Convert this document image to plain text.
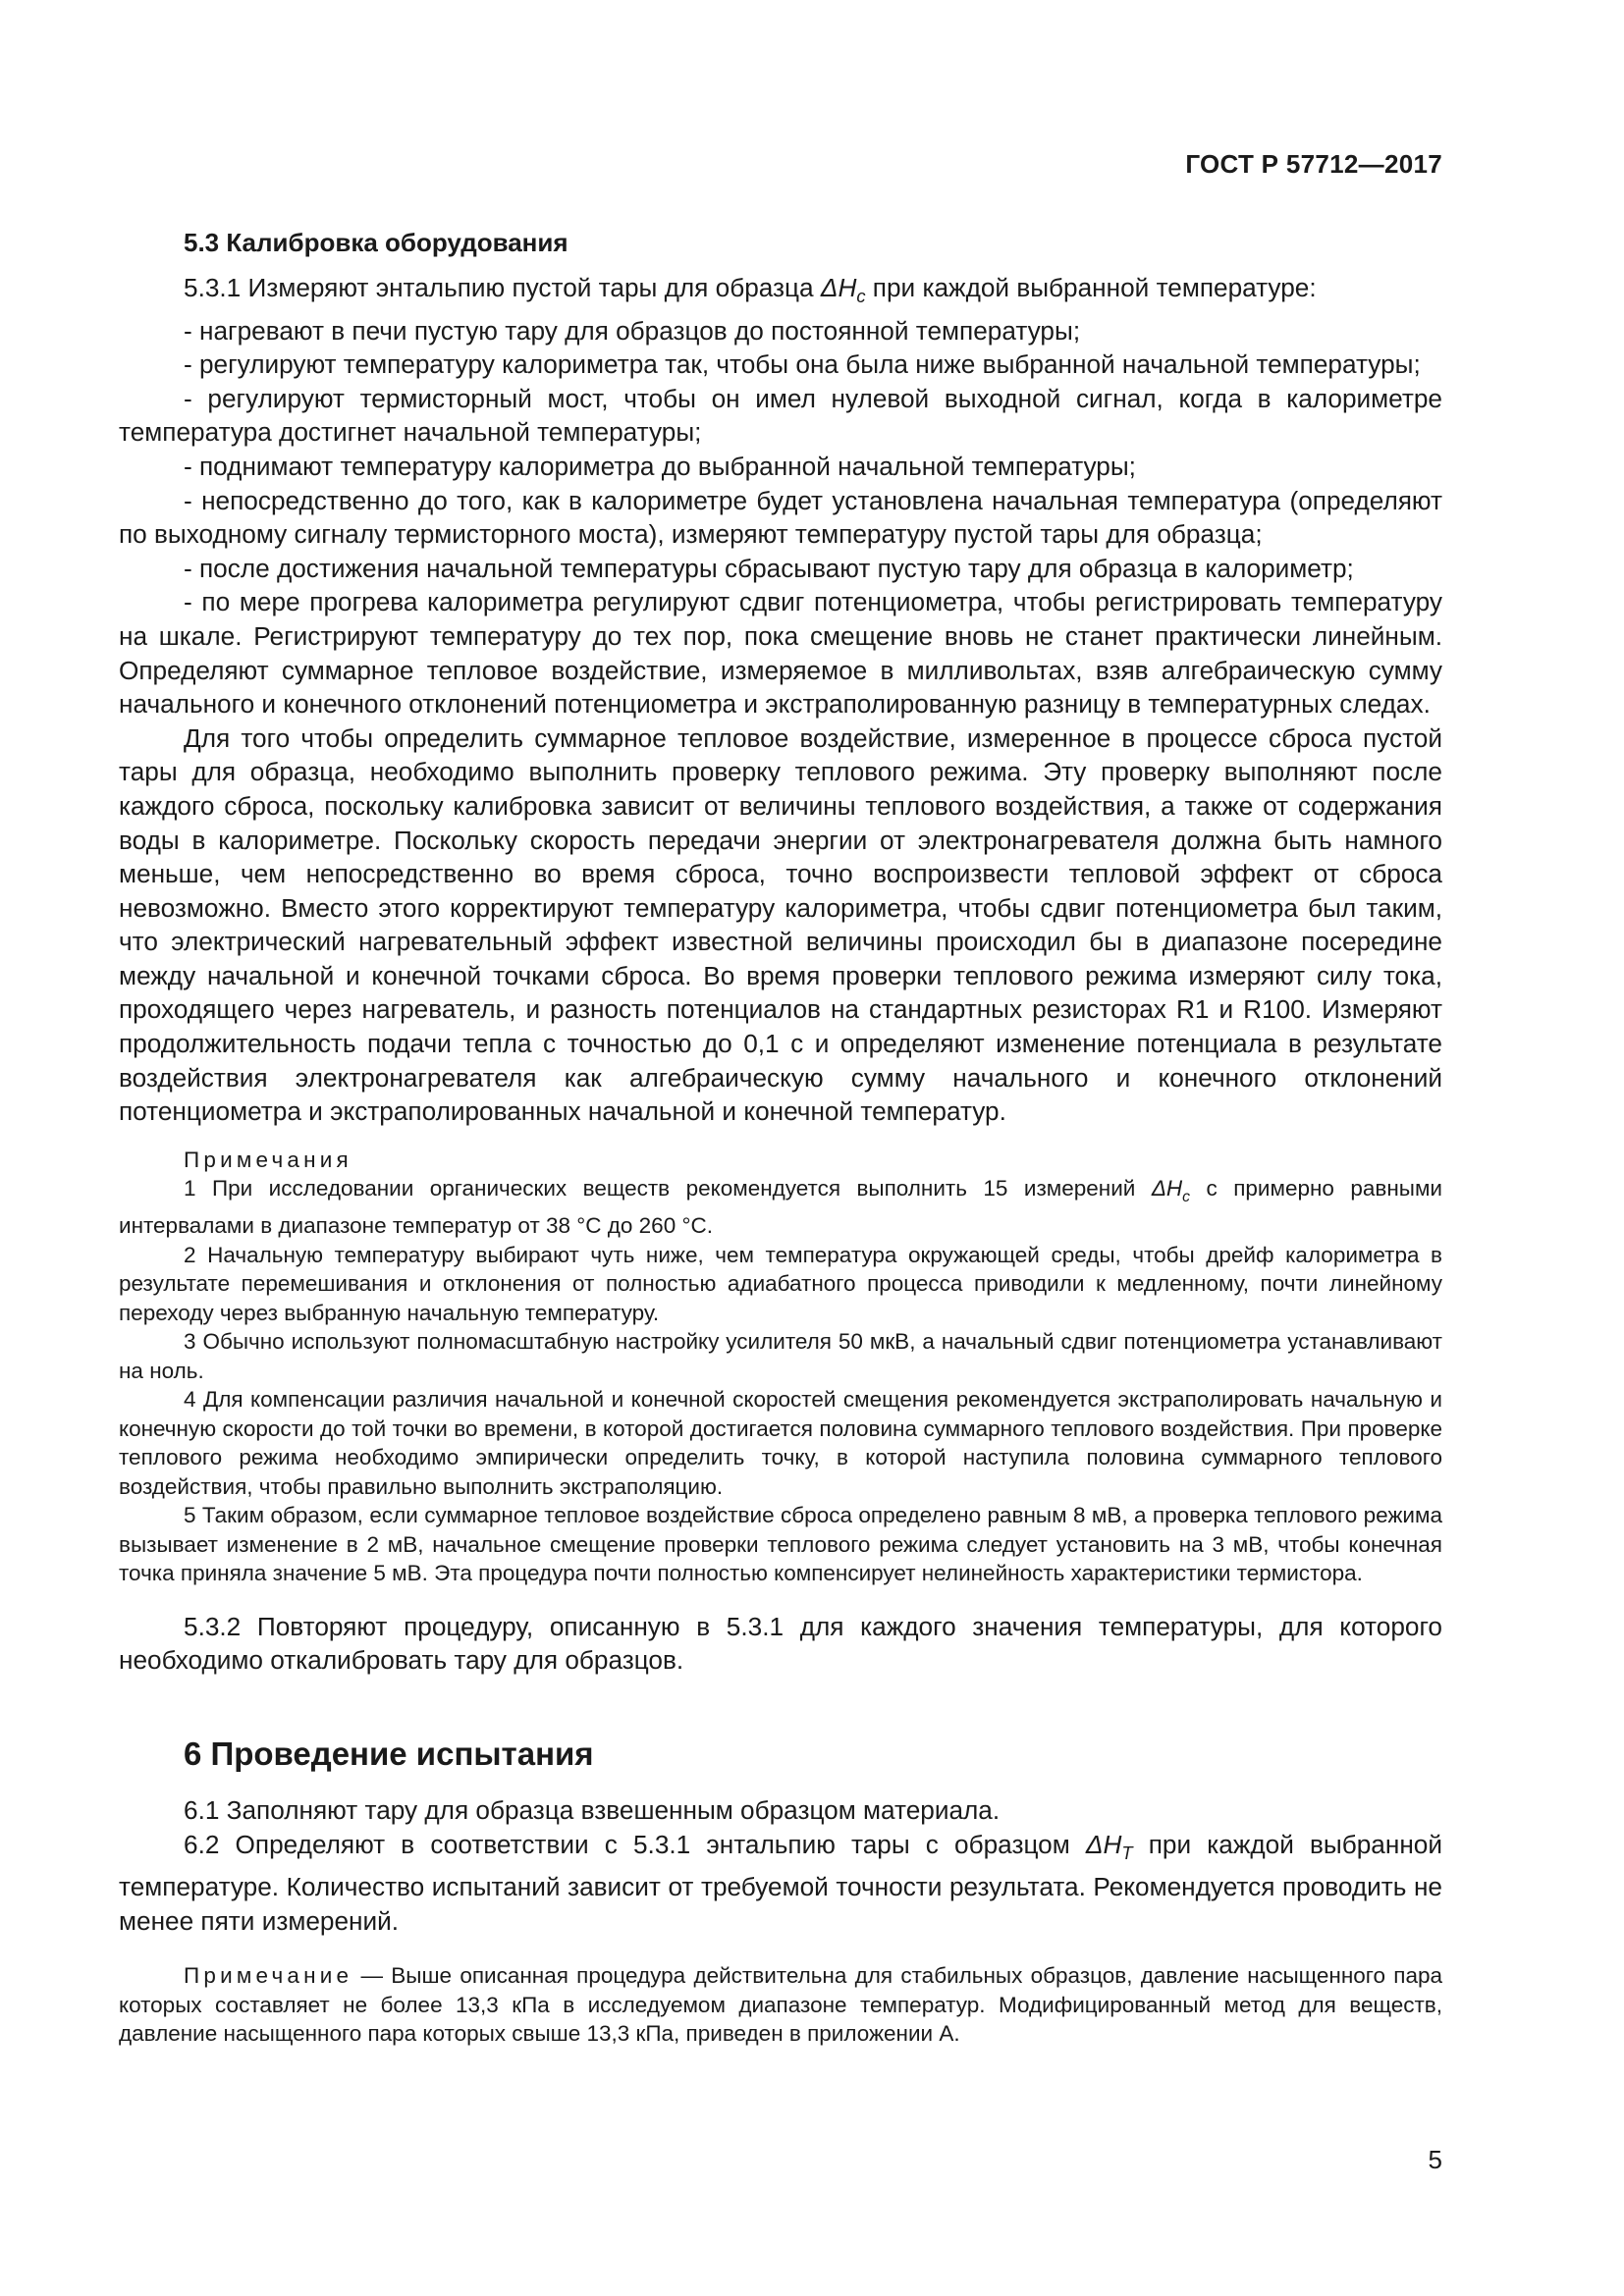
ГОСТ Р 57712—2017
5.3 Калибровка оборудования

5.3.1 Измеряют энтальпию пустой тары для образца $\Delta H_c$ при каждой выбранной температуре:

- нагревают в печи пустую тару для образцов до постоянной температуры;

- регулируют температуру калориметра так, чтобы она была ниже выбранной начальной температуры;

- регулируют термисторный мост, чтобы он имел нулевой выходной сигнал, когда в калориметре температура достигнет начальной температуры;

- поднимают температуру калориметра до выбранной начальной температуры;

- непосредственно до того, как в калориметре будет установлена начальная температура (определяют по выходному сигналу термисторного моста), измеряют температуру пустой тары для образца;

- после достижения начальной температуры сбрасывают пустую тару для образца в калориметр;

- по мере прогрева калориметра регулируют сдвиг потенциометра, чтобы регистрировать температуру на шкале. Регистрируют температуру до тех пор, пока смещение вновь не станет практически линейным. Определяют суммарное тепловое воздействие, измеряемое в милливольтах, взяв алгебраическую сумму начального и конечного отклонений потенциометра и экстраполированную разницу в температурных следах.

Для того чтобы определить суммарное тепловое воздействие, измеренное в процессе сброса пустой тары для образца, необходимо выполнить проверку теплового режима. Эту проверку выполняют после каждого сброса, поскольку калибровка зависит от величины теплового воздействия, а также от содержания воды в калориметре. Поскольку скорость передачи энергии от электронагревателя должна быть намного меньше, чем непосредственно во время сброса, точно воспроизвести тепловой эффект от сброса невозможно. Вместо этого корректируют температуру калориметра, чтобы сдвиг потенциометра был таким, что электрический нагревательный эффект известной величины происходил бы в диапазоне посередине между начальной и конечной точками сброса. Во время проверки теплового режима измеряют силу тока, проходящего через нагреватель, и разность потенциалов на стандартных резисторах R1 и R100. Измеряют продолжительность подачи тепла с точностью до 0,1 с и определяют изменение потенциала в результате воздействия электронагревателя как алгебраическую сумму начального и конечного отклонений потенциометра и экстраполированных начальной и конечной температур.

Примечания

1 При исследовании органических веществ рекомендуется выполнить 15 измерений $\Delta H_c$ с примерно равными интервалами в диапазоне температур от 38 °C до 260 °C.

2 Начальную температуру выбирают чуть ниже, чем температура окружающей среды, чтобы дрейф калориметра в результате перемешивания и отклонения от полностью адиабатного процесса приводили к медленному, почти линейному переходу через выбранную начальную температуру.

3 Обычно используют полномасштабную настройку усилителя 50 мкВ, а начальный сдвиг потенциометра устанавливают на ноль.

4 Для компенсации различия начальной и конечной скоростей смещения рекомендуется экстраполировать начальную и конечную скорости до той точки во времени, в которой достигается половина суммарного теплового воздействия. При проверке теплового режима необходимо эмпирически определить точку, в которой наступила половина суммарного теплового воздействия, чтобы правильно выполнить экстраполяцию.

5 Таким образом, если суммарное тепловое воздействие сброса определено равным 8 мВ, а проверка теплового режима вызывает изменение в 2 мВ, начальное смещение проверки теплового режима следует установить на 3 мВ, чтобы конечная точка приняла значение 5 мВ. Эта процедура почти полностью компенсирует нелинейность характеристики термистора.

5.3.2 Повторяют процедуру, описанную в 5.3.1 для каждого значения температуры, для которого необходимо откалибровать тару для образцов.

6 Проведение испытания

6.1 Заполняют тару для образца взвешенным образцом материала.

6.2 Определяют в соответствии с 5.3.1 энтальпию тары с образцом $\Delta H_T$ при каждой выбранной температуре. Количество испытаний зависит от требуемой точности результата. Рекомендуется проводить не менее пяти измерений.

Примечание — Выше описанная процедура действительна для стабильных образцов, давление насыщенного пара которых составляет не более 13,3 кПа в исследуемом диапазоне температур. Модифицированный метод для веществ, давление насыщенного пара которых свыше 13,3 кПа, приведен в приложении А.

5
